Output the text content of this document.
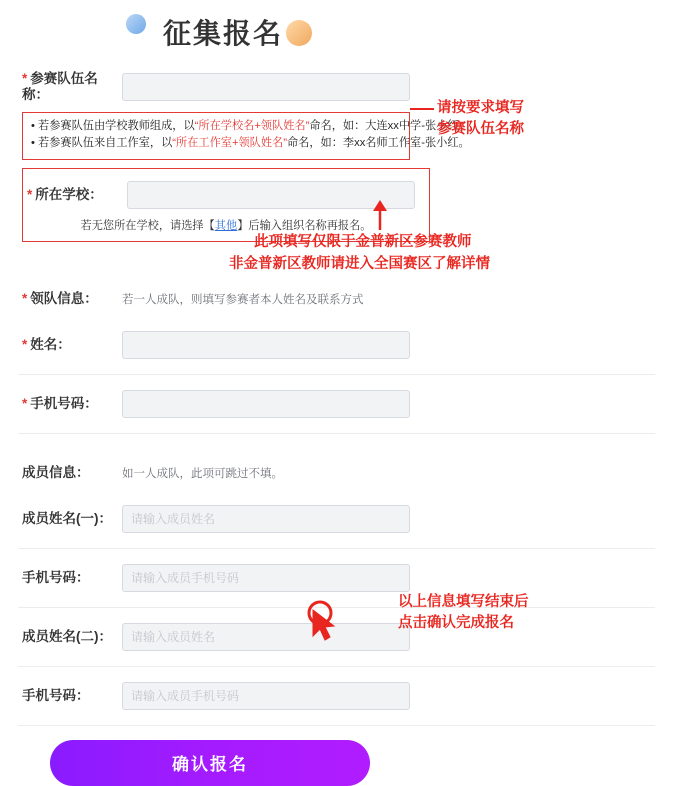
征集报名
* 参赛队伍名称：
• 若参赛队伍由学校教师组成，以“所在学校名+领队姓名”命名，如：大连xx中学-张小红。
• 若参赛队伍来自工作室，以“所在工作室+领队姓名”命名，如：李xx名师工作室-张小红。
* 所在学校：
若无您所在学校，请选择【其他】后输入组织名称再报名。
* 领队信息：	若一人成队，则填写参赛者本人姓名及联系方式
* 姓名：
* 手机号码：
成员信息：	如一人成队，此项可跳过不填。
成员姓名(一)：
请输入成员姓名
手机号码：
请输入成员手机号码
成员姓名(二)：
请输入成员姓名
手机号码：
请输入成员手机号码
确认报名
请按要求填写
参赛队伍名称
此项填写仅限于金普新区参赛教师
非金普新区教师请进入全国赛区了解详情
以上信息填写结束后
点击确认完成报名
